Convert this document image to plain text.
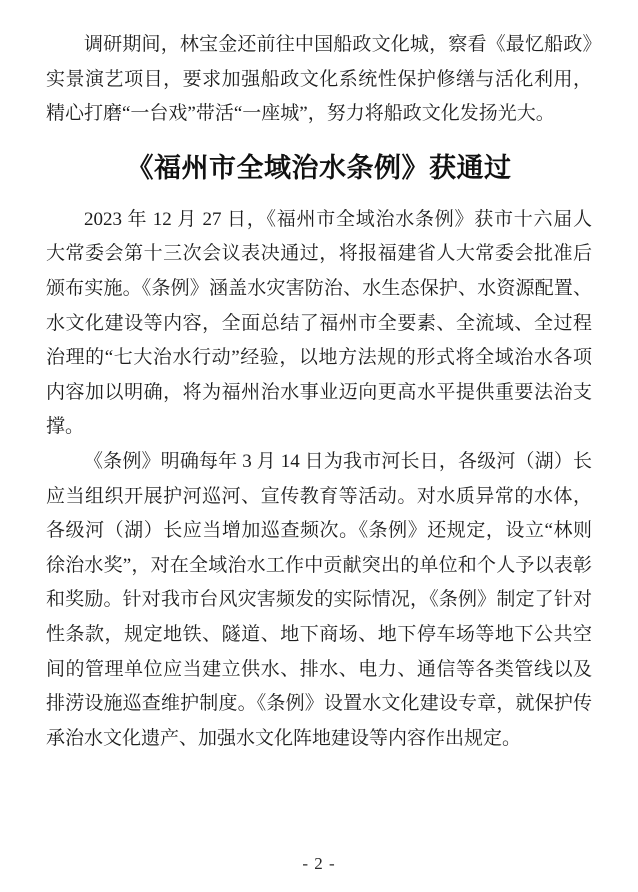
调研期间，林宝金还前往中国船政文化城，察看《最忆船政》实景演艺项目，要求加强船政文化系统性保护修缮与活化利用，精心打磨“一台戏”带活“一座城”，努力将船政文化发扬光大。

《福州市全域治水条例》获通过

2023 年 12 月 27 日，《福州市全域治水条例》获市十六届人大常委会第十三次会议表决通过，将报福建省人大常委会批准后颁布实施。《条例》涵盖水灾害防治、水生态保护、水资源配置、水文化建设等内容，全面总结了福州市全要素、全流域、全过程治理的“七大治水行动”经验，以地方法规的形式将全域治水各项内容加以明确，将为福州治水事业迈向更高水平提供重要法治支撑。

《条例》明确每年 3 月 14 日为我市河长日，各级河（湖）长应当组织开展护河巡河、宣传教育等活动。对水质异常的水体，各级河（湖）长应当增加巡查频次。《条例》还规定，设立“林则徐治水奖”，对在全域治水工作中贡献突出的单位和个人予以表彰和奖励。针对我市台风灾害频发的实际情况，《条例》制定了针对性条款，规定地铁、隧道、地下商场、地下停车场等地下公共空间的管理单位应当建立供水、排水、电力、通信等各类管线以及排涝设施巡查维护制度。《条例》设置水文化建设专章，就保护传承治水文化遗产、加强水文化阵地建设等内容作出规定。

- 2 -
